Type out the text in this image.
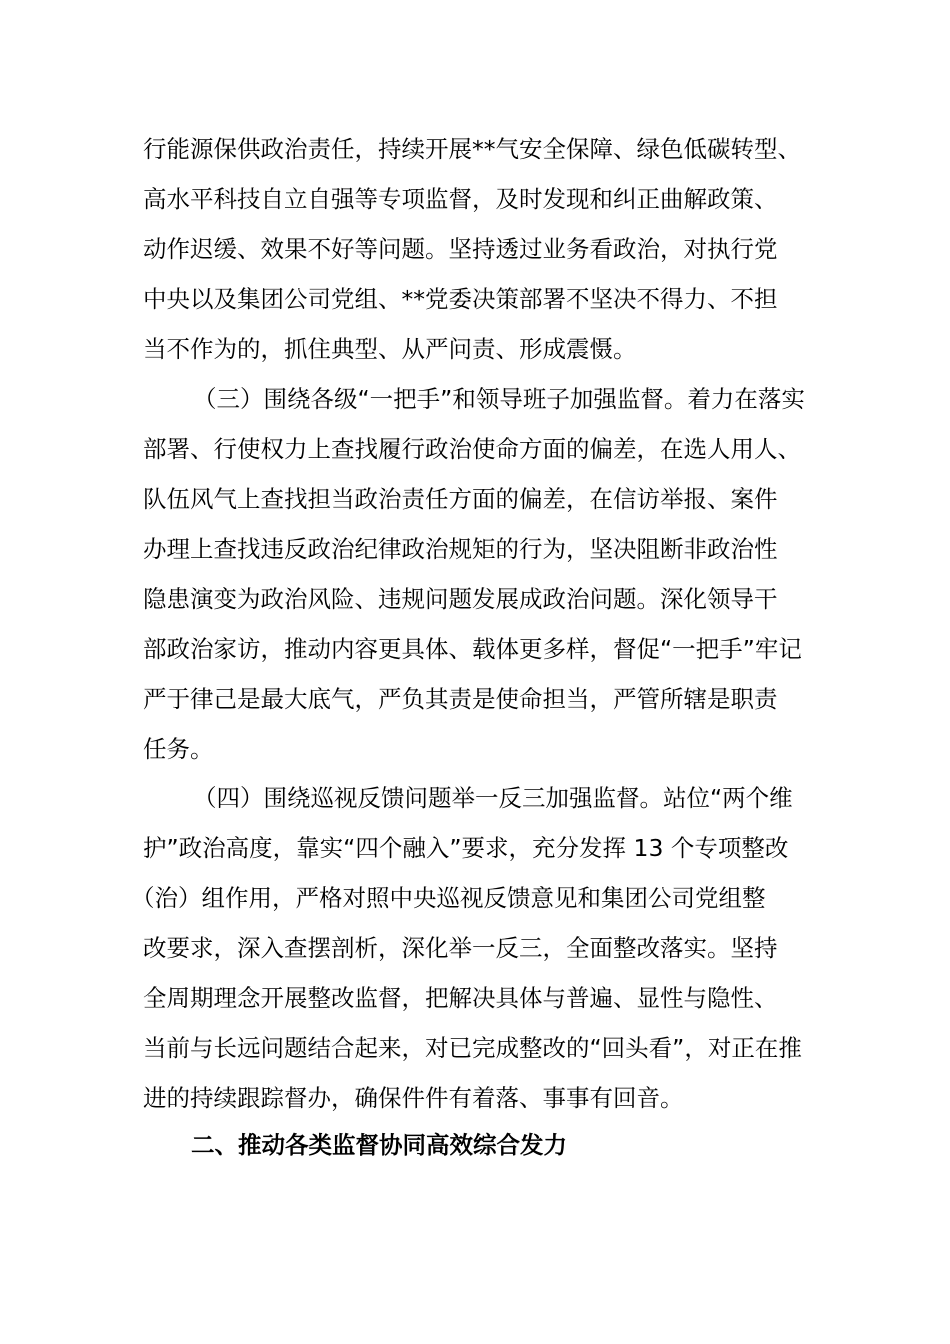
行能源保供政治责任，持续开展**气安全保障、绿色低碳转型、
高水平科技自立自强等专项监督，及时发现和纠正曲解政策、
动作迟缓、效果不好等问题。坚持透过业务看政治，对执行党
中央以及集团公司党组、**党委决策部署不坚决不得力、不担
当不作为的，抓住典型、从严问责、形成震慑。
（三）围绕各级“一把手”和领导班子加强监督。着力在落实
部署、行使权力上查找履行政治使命方面的偏差，在选人用人、
队伍风气上查找担当政治责任方面的偏差，在信访举报、案件
办理上查找违反政治纪律政治规矩的行为，坚决阻断非政治性
隐患演变为政治风险、违规问题发展成政治问题。深化领导干
部政治家访，推动内容更具体、载体更多样，督促“一把手”牢记
严于律己是最大底气，严负其责是使命担当，严管所辖是职责
任务。
（四）围绕巡视反馈问题举一反三加强监督。站位“两个维
护”政治高度，靠实“四个融入”要求，充分发挥 13 个专项整改
（治）组作用，严格对照中央巡视反馈意见和集团公司党组整
改要求，深入查摆剖析，深化举一反三，全面整改落实。坚持
全周期理念开展整改监督，把解决具体与普遍、显性与隐性、
当前与长远问题结合起来，对已完成整改的“回头看”，对正在推
进的持续跟踪督办，确保件件有着落、事事有回音。
二、推动各类监督协同高效综合发力
